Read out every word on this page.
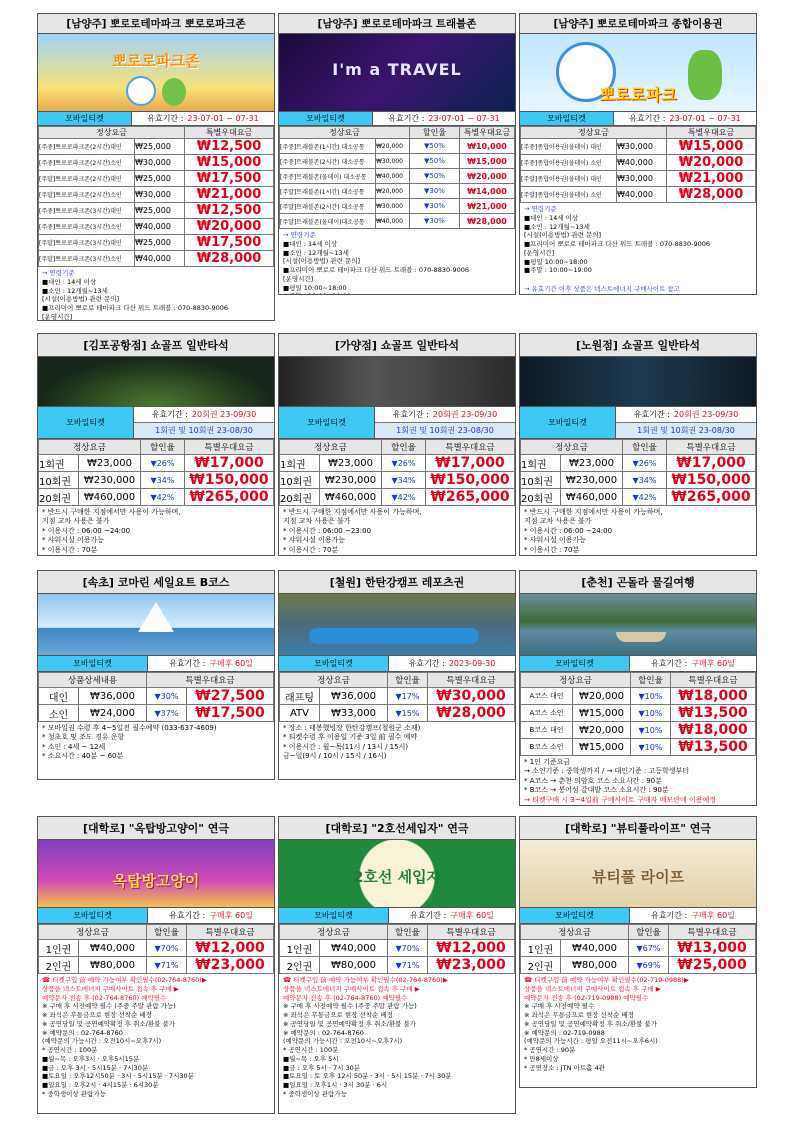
[남양주] 뽀로로테마파크 뽀로로파크존
뽀로로파크존
모바일티켓	유효기간 : 23-07-01 ~ 07-31
정상요금		특별우대요금
[주중]뽀로로파크존(2시간)대인	₩25,000	₩12,500
[주중]뽀로로파크존(2시간)소인	₩30,000	₩15,000
[주말]뽀로로파크존(2시간)대인	₩25,000	₩17,500
[주말]뽀로로파크존(2시간)소인	₩30,000	₩21,000
[주중]뽀로로파크존(3시간)대인	₩25,000	₩12,500
[주중]뽀로로파크존(3시간)소인	₩40,000	₩20,000
[주말]뽀로로파크존(3시간)대인	₩25,000	₩17,500
[주말]뽀로로파크존(3시간)소인	₩40,000	₩28,000
→ 연령기준
■대인 : 14세 이상
■소인 : 12개월~13세
[시설(이용방법) 관련 문의]
■프리미어 뽀로로 테마파크 다산 위드 트래블 : 070-8830-9006
[운영시간]
[남양주] 뽀로로테마파크 트래블존
I'm a TRAVEL
모바일티켓	유효기간 : 23-07-01 ~ 07-31
정상요금		할인율	특별우대요금
[주중]트래블존(1시간) 대소공통	₩20,000	▼50%	₩10,000
[주중]트래블존(2시간) 대소공통	₩30,000	▼50%	₩15,000
[주중]트래블존(올데이) 대소공통	₩40,000	▼50%	₩20,000
[주말]트래블존(1시간) 대소공통	₩20,000	▼30%	₩14,000
[주말]트래블존(2시간) 대소공통	₩30,000	▼30%	₩21,000
[주말]트래블존(올데이)대소공통	₩40,000	▼30%	₩28,000
→ 연령기준
■대인 : 14세 이상
■소인 : 12개월~13세
[시설(이용방법) 관련 문의]
■프리미어 뽀로로 테마파크 다산 위드 트래블 : 070-8830-9006
[운영시간]
■평일 10:00~18:00
[남양주] 뽀로로테마파크 종합이용권
뽀로로파크
모바일티켓	유효기간 : 23-07-01 ~ 07-31
정상요금		특별우대요금
[주중]종합이용권(올데이) 대인	₩30,000	₩15,000
[주중]종합이용권(올데이) 소인	₩40,000	₩20,000
[주말]종합이용권(올데이) 대인	₩30,000	₩21,000
[주말]종합이용권(올데이) 소인	₩40,000	₩28,000
→ 연령기준
■대인 : 14세 이상
■소인 : 12개월~13세
[시설(이용방법) 관련 문의]
■프리미어 뽀로로 테마파크 다산 위드 트래블 : 070-8830-9006
[운영시간]
■평일 10:00~18:00
■주말 : 10:00~19:00
→ 유효기간 이후 상품은 넥스트에너지 구매사이트 참고
[김포공항점] 쇼골프 일반타석
모바일티켓
유효기간 : 20회권 23-09/30
1회권 및 10회권 23-08/30
정상요금		할인율	특별우대요금
1회권	₩23,000	▼26%	₩17,000
10회권	₩230,000	▼34%	₩150,000
20회권	₩460,000	▼42%	₩265,000
* 반드시 구매한 지점에서만 사용이 가능하며,
지점 교차 사용은 불가
* 이용시간 : 06:00 ~24:00
* 샤워시설 이용가능
* 이용시간 : 70분
[가양점] 쇼골프 일반타석
모바일티켓
유효기간 : 20회권 23-09/30
1회권 및 10회권 23-08/30
정상요금		할인율	특별우대요금
1회권	₩23,000	▼26%	₩17,000
10회권	₩230,000	▼34%	₩150,000
20회권	₩460,000	▼42%	₩265,000
* 반드시 구매한 지점에서만 사용이 가능하며,
지점 교차 사용은 불가
* 이용시간 : 06:00 ~23:00
* 샤워시설 이용가능
* 이용시간 : 70분
[노원점] 쇼골프 일반타석
모바일티켓
유효기간 : 20회권 23-09/30
1회권 및 10회권 23-08/30
정상요금		할인율	특별우대요금
1회권	₩23,000	▼26%	₩17,000
10회권	₩230,000	▼34%	₩150,000
20회권	₩460,000	▼42%	₩265,000
* 반드시 구매한 지점에서만 사용이 가능하며,
지점 교차 사용은 불가
* 이용시간 : 06:00 ~24:00
* 샤워시설 이용가능
* 이용시간 : 70분
[속초] 코마린 세일요트 B코스
모바일티켓	유효기간 : 구매후 60일
상품상세내용		특별우대요금	
대인	₩36,000	▼30%	₩27,500
소인	₩24,000	▼37%	₩17,500
* 모바일권 수령 후 4~5일전 필수예약 (033-637-4609)
* 청초호 및 조도 경유 운항
* 소인 : 4세 ~ 12세
* 소요시간 : 40분 ~ 60분
[철원] 한탄강캠프 레포츠권
모바일티켓	유효기간 : 2023-09-30
정상요금		할인율	특별우대요금
래프팅	₩36,000	▼17%	₩30,000
ATV	₩33,000	▼15%	₩28,000
* 장소 : 태봉했빙장 한탄강캠프(철원군 소재)
* 티켓수령 후 이용일 기준 3일 前 필수 예약
* 이용시간 : 월~목(11시 / 13시 / 15시)
금~일(9시 / 10시 / 15시 / 16시)
[춘천] 곤돌라 물길여행
모바일티켓	유효기간 : 구매후 60일
정상요금		할인율	특별우대요금
A코스 대인	₩20,000	▼10%	₩18,000
A코스 소인	₩15,000	▼10%	₩13,500
B코스 대인	₩20,000	▼10%	₩18,000
B코스 소인	₩15,000	▼10%	₩13,500
* 1인 기준요금
→ 소인기준 : 중학생까지 / → 대인기준 : 고등학생부터
* A코스 → 춘천 의암호 코스 소요시간 : 90분
* B코스 → 붕어섬 갈대밭 코스 소요시간 : 90분
→ 티켓구매 시 3~4일前 구매사이트 구매자 메모란에 이용예정
[대학로] "옥탑방고양이" 연극
옥탑방고양이
모바일티켓	유효기간 : 구매후 60일
정상요금		할인율	특별우대요금
1인권	₩40,000	▼70%	₩12,000
2인권	₩80,000	▼71%	₩23,000
☎ 티켓구입 前 예약 가능여부 확인필수(02-764-8760)▶
상품을 넥스트에너지 구매사이트 접속 후 구매 ▶
예약문자 전송 후 (02-764-8760) 예약필수
※ 구매 후 사전예약 필수 (주중 주말 관람 가능)
※ 좌석은 무통금으로 현장 선착순 배정
※ 공연당일 및 공연예약확정 후 취소/환불 불가
※ 예약문의 : 02-764-8760
(예약문의 가능시간 : 오전10시~오후7시)
* 공연시간 : 100분
■월~목 : 오후3시 · 오후5시15분
■금 : 오후 3시 · 5시15분 · 7시30분
■토요일 : 오후12시50분 · 3시 · 5시15분 · 7시30분
■일요일 : 오후2시 · 4시15분 · 6시30분
* 중학생이상 관람가능
[대학로] "2호선세입자" 연극
2호선 세입자
모바일티켓	유효기간 : 구매후 60일
정상요금		할인율	특별우대요금
1인권	₩40,000	▼70%	₩12,000
2인권	₩80,000	▼71%	₩23,000
☎ 티켓구입 前 예약 가능여부 확인필수(02-764-8760)▶
상품을 넥스트에너지 구매사이트 접속 후 구매 ▶
예약문자 전송 후 (02-764-8760) 예약필수
※ 구매 후 사전예약 필수 (주중 주말 관람 가능)
※ 좌석은 무통금으로 현장 선착순 배정
※ 공연당일 및 공연예약확정 후 취소/환불 불가
※ 예약문의 : 02-764-8760
(예약문의 가능시간 : 오전10시~오후7시)
* 공연시간 : 100분
■월~목 : 오후 5시
■금 : 오후 5시 · 7시 30분
■토요일 : 토 오후 12시 50분 · 3시 · 5시 15분 · 7시 30분
■일요일 : 오후1시 · 3시 30분 · 6시
* 중학생이상 관람가능
[대학로] "뷰티풀라이프" 연극
뷰티풀 라이프
모바일티켓	유효기간 : 구매후 60일
정상요금		할인율	특별우대요금
1인권	₩40,000	▼67%	₩13,000
2인권	₩80,000	▼69%	₩25,000
☎ 티켓구입 前 예약 가능여부 확인필수(02-719-0988)▶
상품을 넥스트에너지 구매사이트 접속 후 구매 ▶
예약문자 전송 후 (02-719-0988) 예약필수
※ 구매 후 사전예약 필수
※ 좌석은 무통금으로 현장 선착순 배정
※ 공연당일 및 공연예약확정 후 취소/환불 불가
※ 예약문의 : 02-719-0988
(예약문의 가능시간 : 평일 오전11시~오후6시)
* 공연시간 : 90분
* 만8세이상
* 공연장소 : JTN 아트홀 4관
